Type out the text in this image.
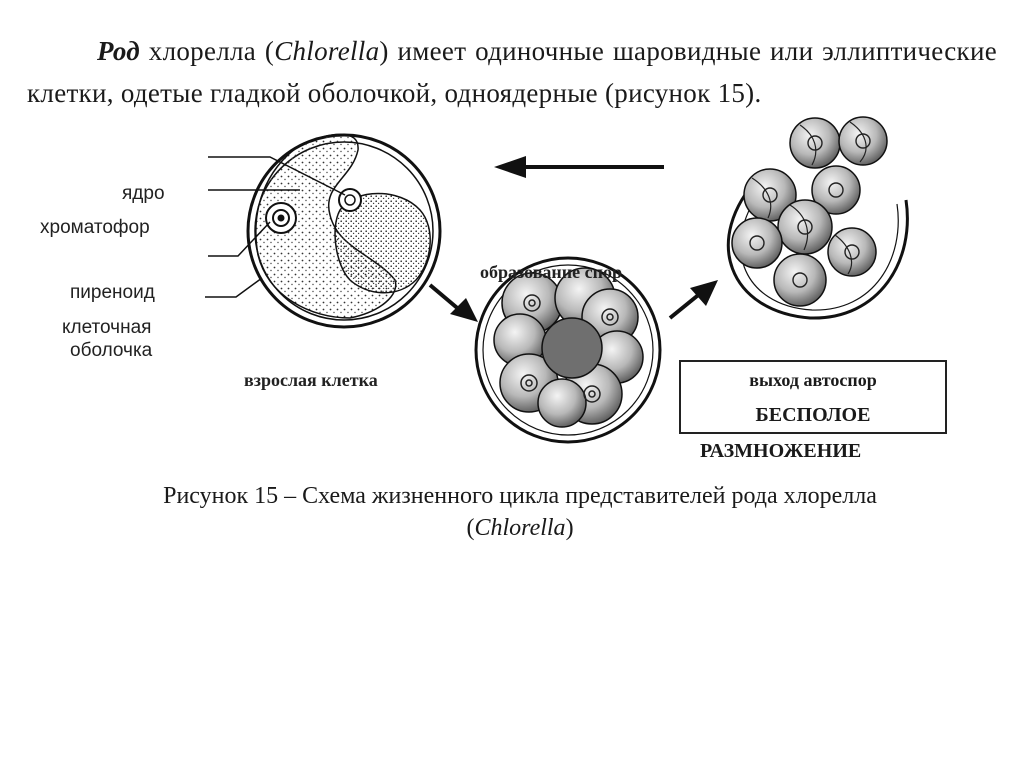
Род хлорелла (Chlorella) имеет одиночные шаровидные или эллиптические клетки, одетые гладкой оболочкой, одноядерные (рисунок 15).
ядро
хроматофор
пиреноид
клеточная
оболочка
взрослая клетка
образование спор
выход автоспор
БЕСПОЛОЕ
РАЗМНОЖЕНИЕ
Рисунок 15 – Схема жизненного цикла представителей рода хлорелла
(Chlorella)
